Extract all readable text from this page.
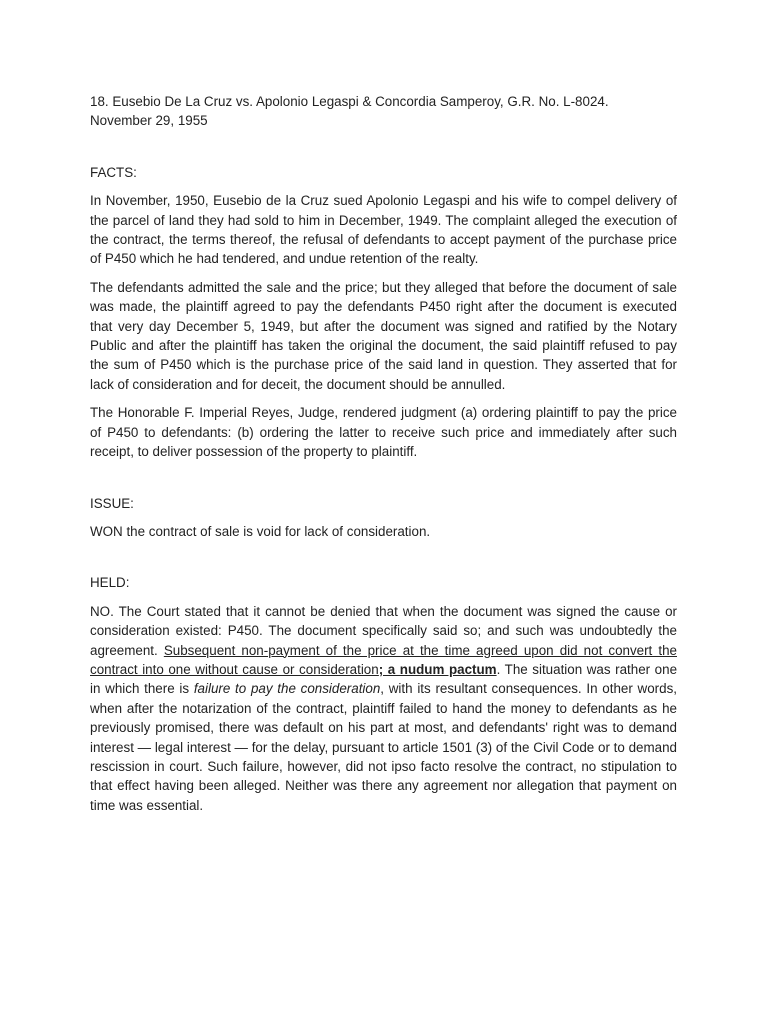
18. Eusebio De La Cruz vs. Apolonio Legaspi & Concordia Samperoy, G.R. No. L-8024.
November 29, 1955

FACTS:

In November, 1950, Eusebio de la Cruz sued Apolonio Legaspi and his wife to compel delivery of the parcel of land they had sold to him in December, 1949. The complaint alleged the execution of the contract, the terms thereof, the refusal of defendants to accept payment of the purchase price of P450 which he had tendered, and undue retention of the realty.

The defendants admitted the sale and the price; but they alleged that before the document of sale was made, the plaintiff agreed to pay the defendants P450 right after the document is executed that very day December 5, 1949, but after the document was signed and ratified by the Notary Public and after the plaintiff has taken the original the document, the said plaintiff refused to pay the sum of P450 which is the purchase price of the said land in question. They asserted that for lack of consideration and for deceit, the document should be annulled.

The Honorable F. Imperial Reyes, Judge, rendered judgment (a) ordering plaintiff to pay the price of P450 to defendants: (b) ordering the latter to receive such price and immediately after such receipt, to deliver possession of the property to plaintiff.

ISSUE:

WON the contract of sale is void for lack of consideration.

HELD:

NO. The Court stated that it cannot be denied that when the document was signed the cause or consideration existed: P450. The document specifically said so; and such was undoubtedly the agreement. Subsequent non-payment of the price at the time agreed upon did not convert the contract into one without cause or consideration; a nudum pactum. The situation was rather one in which there is failure to pay the consideration, with its resultant consequences. In other words, when after the notarization of the contract, plaintiff failed to hand the money to defendants as he previously promised, there was default on his part at most, and defendants' right was to demand interest — legal interest — for the delay, pursuant to article 1501 (3) of the Civil Code or to demand rescission in court. Such failure, however, did not ipso facto resolve the contract, no stipulation to that effect having been alleged. Neither was there any agreement nor allegation that payment on time was essential.
